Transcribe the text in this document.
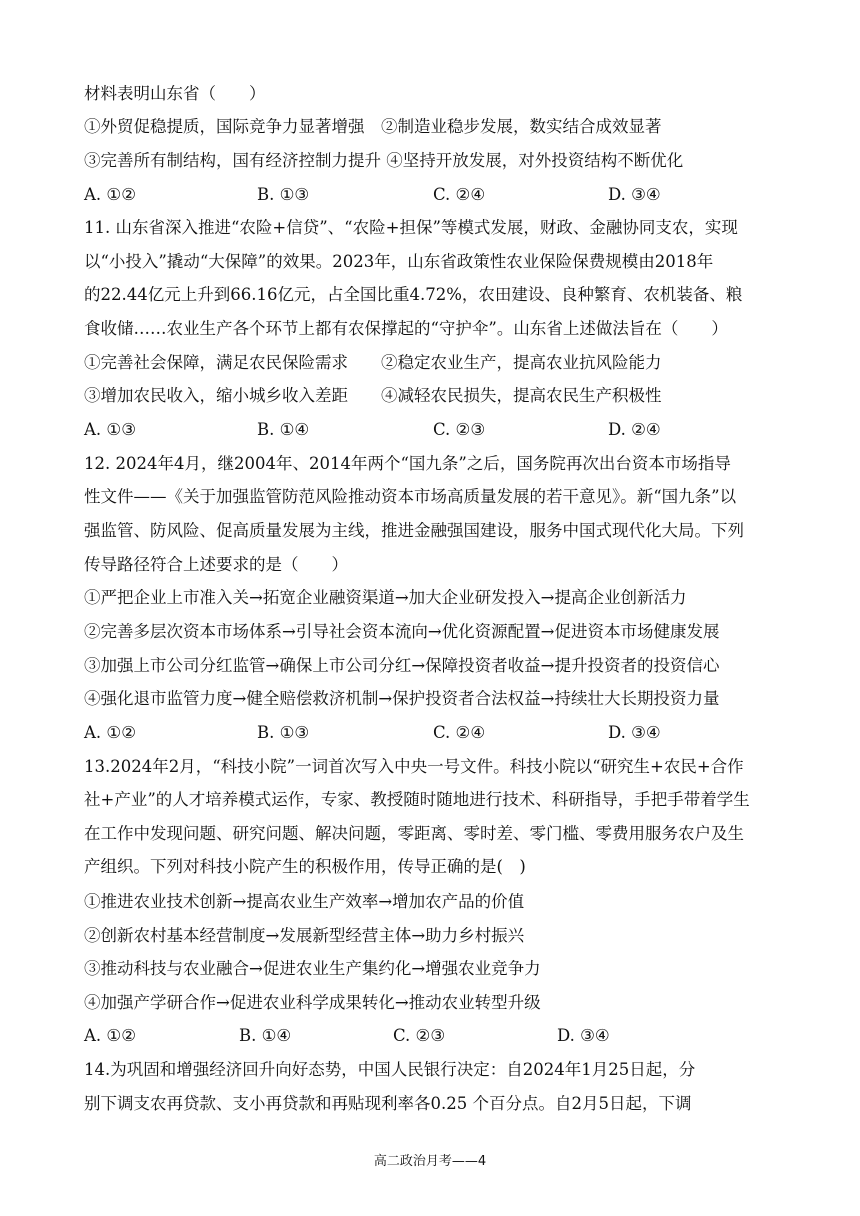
材料表明山东省（　　）
①外贸促稳提质，国际竞争力显著增强　②制造业稳步发展，数实结合成效显著
③完善所有制结构，国有经济控制力提升 ④坚持开放发展，对外投资结构不断优化
A. ①②	B. ①③	C. ②④	D. ③④
11. 山东省深入推进“农险+信贷”、“农险+担保”等模式发展，财政、金融协同支农，实现
以“小投入”撬动“大保障”的效果。2023年，山东省政策性农业保险保费规模由2018年
的22.44亿元上升到66.16亿元，占全国比重4.72%，农田建设、良种繁育、农机装备、粮
食收储……农业生产各个环节上都有农保撑起的“守护伞”。山东省上述做法旨在（　　）
①完善社会保障，满足农民保险需求　　②稳定农业生产，提高农业抗风险能力
③增加农民收入，缩小城乡收入差距　　④减轻农民损失，提高农民生产积极性
A. ①③	B. ①④	C. ②③	D. ②④
12. 2024年4月，继2004年、2014年两个“国九条”之后，国务院再次出台资本市场指导
性文件——《关于加强监管防范风险推动资本市场高质量发展的若干意见》。新“国九条”以
强监管、防风险、促高质量发展为主线，推进金融强国建设，服务中国式现代化大局。下列
传导路径符合上述要求的是（　　）
①严把企业上市准入关→拓宽企业融资渠道→加大企业研发投入→提高企业创新活力
②完善多层次资本市场体系→引导社会资本流向→优化资源配置→促进资本市场健康发展
③加强上市公司分红监管→确保上市公司分红→保障投资者收益→提升投资者的投资信心
④强化退市监管力度→健全赔偿救济机制→保护投资者合法权益→持续壮大长期投资力量
A. ①②	B. ①③	C. ②④	D. ③④
13.2024年2月，“科技小院”一词首次写入中央一号文件。科技小院以“研究生+农民+合作
社+产业”的人才培养模式运作，专家、教授随时随地进行技术、科研指导，手把手带着学生
在工作中发现问题、研究问题、解决问题，零距离、零时差、零门槛、零费用服务农户及生
产组织。下列对科技小院产生的积极作用，传导正确的是(　)
①推进农业技术创新→提高农业生产效率→增加农产品的价值
②创新农村基本经营制度→发展新型经营主体→助力乡村振兴
③推动科技与农业融合→促进农业生产集约化→增强农业竞争力
④加强产学研合作→促进农业科学成果转化→推动农业转型升级
A. ①②	B. ①④	C. ②③	D. ③④
14.为巩固和增强经济回升向好态势，中国人民银行决定：自2024年1月25日起，分
别下调支农再贷款、支小再贷款和再贴现利率各0.25 个百分点。自2月5日起，下调
高二政治月考——4
